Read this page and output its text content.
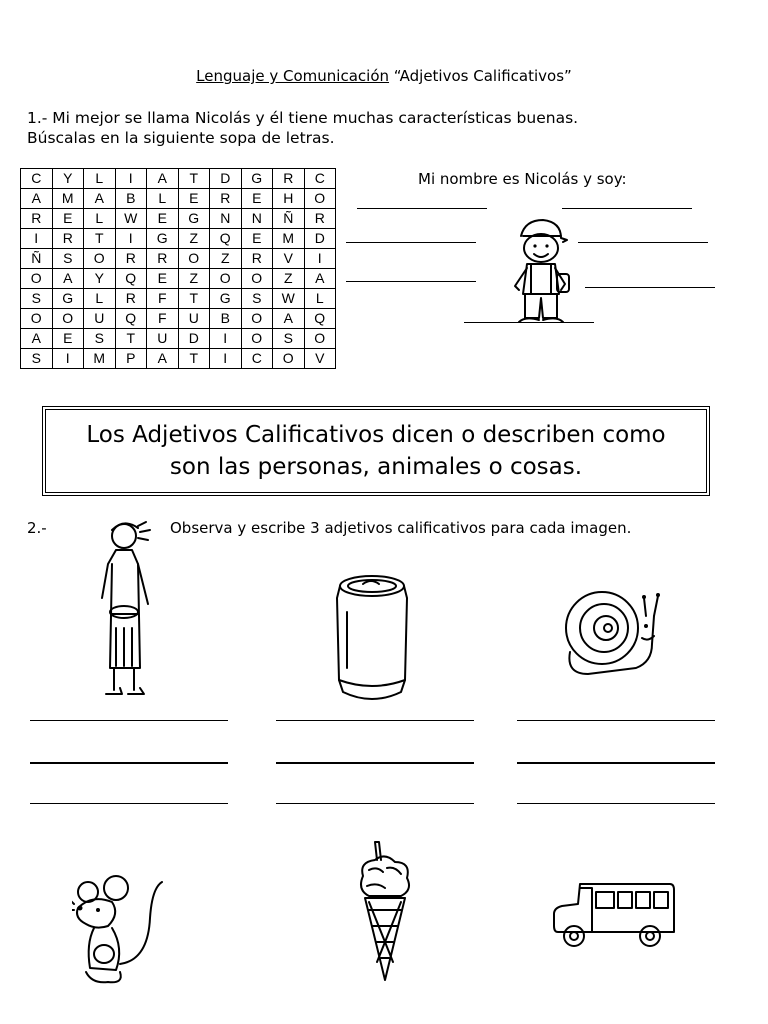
Lenguaje y Comunicación “Adjetivos Calificativos”
1.- Mi mejor se llama Nicolás y él tiene muchas características buenas.
Búscalas en la siguiente sopa de letras.
C	Y	L	I	A	T	D	G	R	C
A	M	A	B	L	E	R	E	H	O
R	E	L	W	E	G	N	N	Ñ	R
I	R	T	I	G	Z	Q	E	M	D
Ñ	S	O	R	R	O	Z	R	V	I
O	A	Y	Q	E	Z	O	O	Z	A
S	G	L	R	F	T	G	S	W	L
O	O	U	Q	F	U	B	O	A	Q
A	E	S	T	U	D	I	O	S	O
S	I	M	P	A	T	I	C	O	V
Mi nombre es Nicolás y soy:
Los Adjetivos Calificativos dicen o describen como
son las personas, animales o cosas.
2.-	Observa y escribe 3 adjetivos calificativos para cada imagen.
